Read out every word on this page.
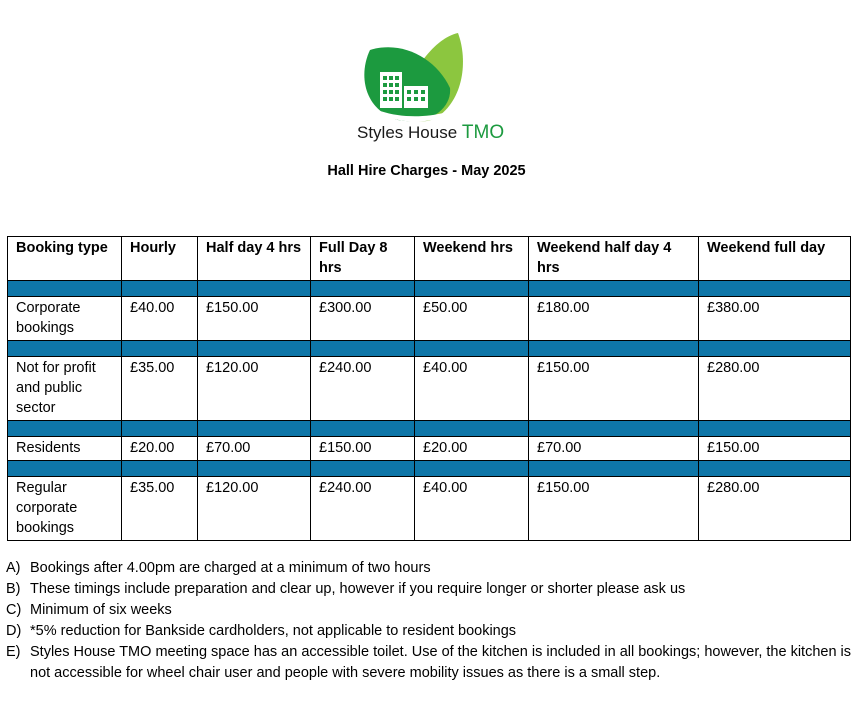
Styles House TMO
Hall Hire Charges - May 2025
Booking type	Hourly	Half day 4 hrs	Full Day 8 hrs	Weekend hrs	Weekend half day 4 hrs	Weekend full day

Corporate bookings	£40.00	£150.00	£300.00	£50.00	£180.00	£380.00

Not for profit and public sector	£35.00	£120.00	£240.00	£40.00	£150.00	£280.00

Residents	£20.00	£70.00	£150.00	£20.00	£70.00	£150.00

Regular corporate bookings	£35.00	£120.00	£240.00	£40.00	£150.00	£280.00
A) Bookings after 4.00pm are charged at a minimum of two hours
B) These timings include preparation and clear up, however if you require longer or shorter please ask us
C) Minimum of six weeks
D) *5% reduction for Bankside cardholders, not applicable to resident bookings
E) Styles House TMO meeting space has an accessible toilet. Use of the kitchen is included in all bookings; however, the kitchen is not accessible for wheel chair user and people with severe mobility issues as there is a small step.
